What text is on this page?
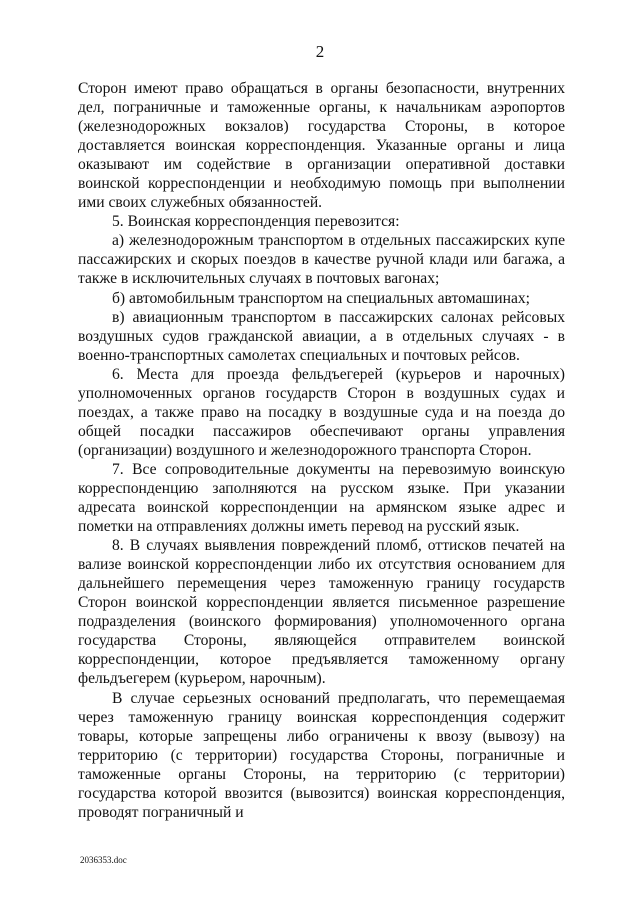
2

Сторон имеют право обращаться в органы безопасности, внутренних дел, пограничные и таможенные органы, к начальникам аэропортов (железнодорожных вокзалов) государства Стороны, в которое доставляется воинская корреспонденция. Указанные органы и лица оказывают им содействие в организации оперативной доставки воинской корреспонденции и необходимую помощь при выполнении ими своих служебных обязанностей.

5. Воинская корреспонденция перевозится:

а) железнодорожным транспортом в отдельных пассажирских купе пассажирских и скорых поездов в качестве ручной клади или багажа, а также в исключительных случаях в почтовых вагонах;

б) автомобильным транспортом на специальных автомашинах;

в) авиационным транспортом в пассажирских салонах рейсовых воздушных судов гражданской авиации, а в отдельных случаях - в военно-транспортных самолетах специальных и почтовых рейсов.

6. Места для проезда фельдъегерей (курьеров и нарочных) уполномоченных органов государств Сторон в воздушных судах и поездах, а также право на посадку в воздушные суда и на поезда до общей посадки пассажиров обеспечивают органы управления (организации) воздушного и железнодорожного транспорта Сторон.

7. Все сопроводительные документы на перевозимую воинскую корреспонденцию заполняются на русском языке. При указании адресата воинской корреспонденции на армянском языке адрес и пометки на отправлениях должны иметь перевод на русский язык.

8. В случаях выявления повреждений пломб, оттисков печатей на вализе воинской корреспонденции либо их отсутствия основанием для дальнейшего перемещения через таможенную границу государств Сторон воинской корреспонденции является письменное разрешение подразделения (воинского формирования) уполномоченного органа государства Стороны, являющейся отправителем воинской корреспонденции, которое предъявляется таможенному органу фельдъегерем (курьером, нарочным).

В случае серьезных оснований предполагать, что перемещаемая через таможенную границу воинская корреспонденция содержит товары, которые запрещены либо ограничены к ввозу (вывозу) на территорию (с территории) государства Стороны, пограничные и таможенные органы Стороны, на территорию (с территории) государства которой ввозится (вывозится) воинская корреспонденция, проводят пограничный и

2036353.doc
